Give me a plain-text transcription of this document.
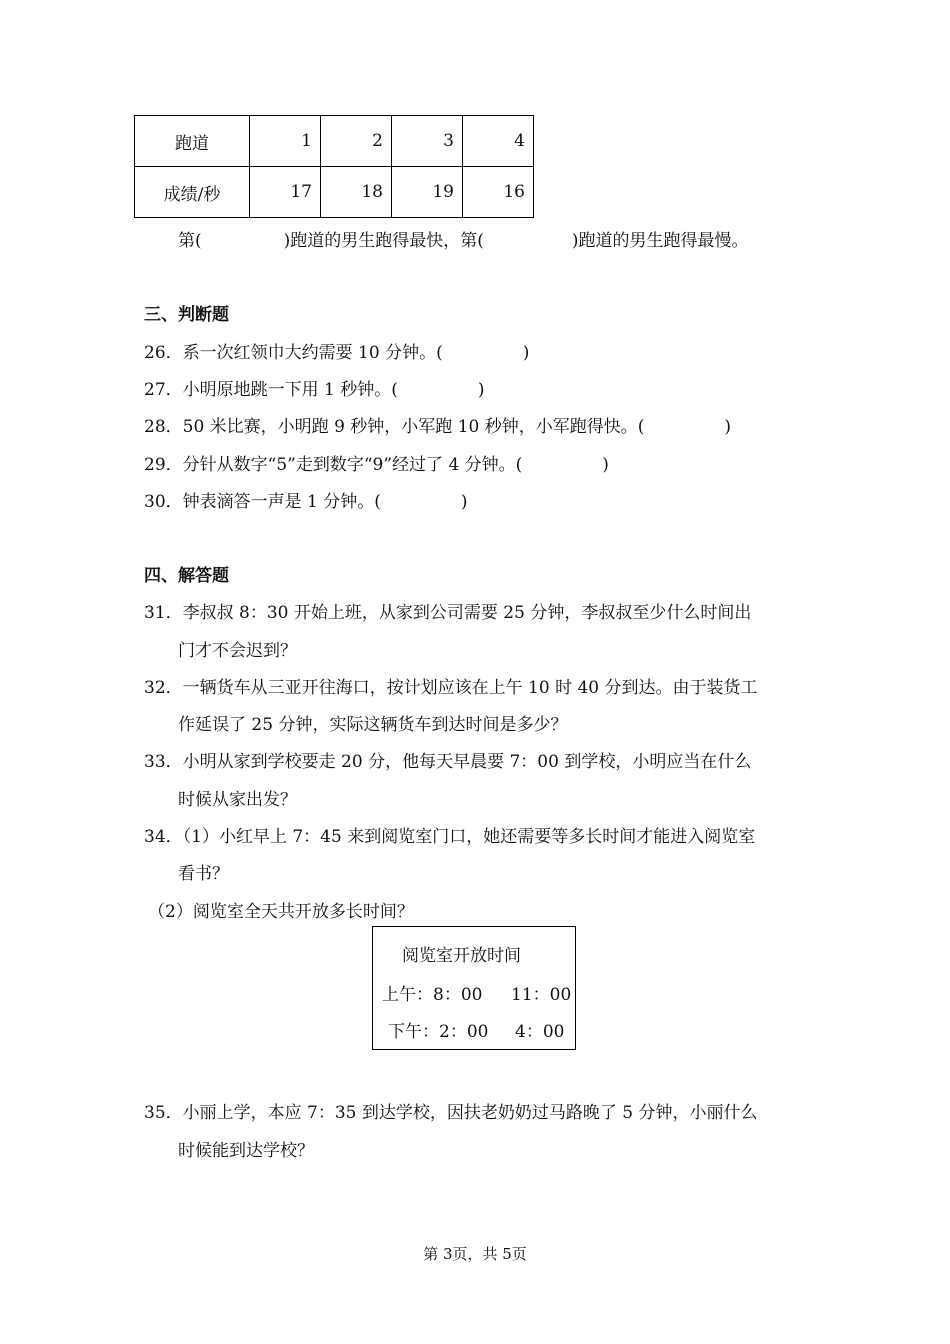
跑道	1	2	3	4
成绩/秒	17	18	19	16
第(	)跑道的男生跑得最快，第(	)跑道的男生跑得最慢。
三、判断题
26．系一次红领巾大约需要 10 分钟。(	)
27．小明原地跳一下用 1 秒钟。(	)
28．50 米比赛，小明跑 9 秒钟，小军跑 10 秒钟，小军跑得快。(	)
29．分针从数字“5”走到数字“9”经过了 4 分钟。(	)
30．钟表滴答一声是 1 分钟。(	)
四、解答题
31．李叔叔 8：30 开始上班，从家到公司需要 25 分钟，李叔叔至少什么时间出
门才不会迟到？
32．一辆货车从三亚开往海口，按计划应该在上午 10 时 40 分到达。由于装货工
作延误了 25 分钟，实际这辆货车到达时间是多少？
33．小明从家到学校要走 20 分，他每天早晨要 7：00 到学校，小明应当在什么
时候从家出发？
34．（1）小红早上 7：45 来到阅览室门口，她还需要等多长时间才能进入阅览室
看书？
（2）阅览室全天共开放多长时间？
阅览室开放时间
上午：8：00 11：00
下午：2：00 4：00
35．小丽上学，本应 7：35 到达学校，因扶老奶奶过马路晚了 5 分钟，小丽什么
时候能到达学校？
第 3页，共 5页
